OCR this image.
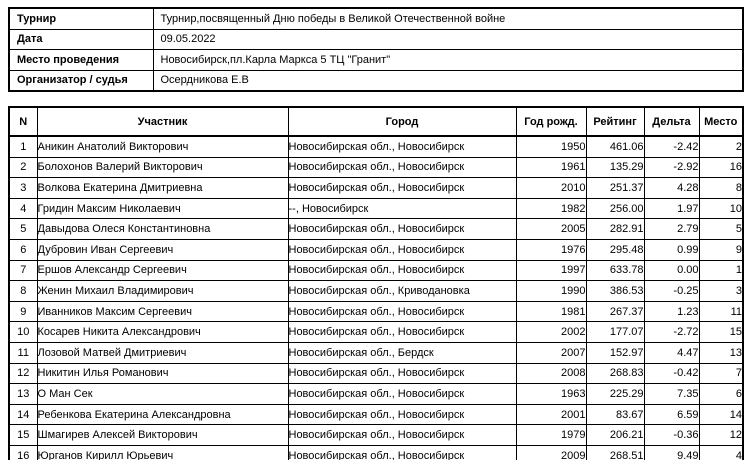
Турнир	Турнир,посвященный Дню победы в Великой Отечественной войне
Дата	09.05.2022
Место проведения	Новосибирск,пл.Карла Маркса 5 ТЦ "Гранит"
Организатор / судья	Осердникова Е.В
N	Участник	Город	Год рожд.	Рейтинг	Дельта	Место
1	Аникин Анатолий Викторович	Новосибирская обл., Новосибирск	1950	461.06	-2.42	2
2	Болохонов Валерий Викторович	Новосибирская обл., Новосибирск	1961	135.29	-2.92	16
3	Волкова Екатерина Дмитриевна	Новосибирская обл., Новосибирск	2010	251.37	4.28	8
4	Гридин Максим Николаевич	--, Новосибирск	1982	256.00	1.97	10
5	Давыдова Олеся Константиновна	Новосибирская обл., Новосибирск	2005	282.91	2.79	5
6	Дубровин Иван Сергеевич	Новосибирская обл., Новосибирск	1976	295.48	0.99	9
7	Ершов Александр Сергеевич	Новосибирская обл., Новосибирск	1997	633.78	0.00	1
8	Женин Михаил Владимирович	Новосибирская обл., Криводановка	1990	386.53	-0.25	3
9	Иванников Максим Сергеевич	Новосибирская обл., Новосибирск	1981	267.37	1.23	11
10	Косарев Никита Александрович	Новосибирская обл., Новосибирск	2002	177.07	-2.72	15
11	Лозовой Матвей Дмитриевич	Новосибирская обл., Бердск	2007	152.97	4.47	13
12	Никитин Илья Романович	Новосибирская обл., Новосибирск	2008	268.83	-0.42	7
13	О Ман Сек	Новосибирская обл., Новосибирск	1963	225.29	7.35	6
14	Ребенкова Екатерина Александровна	Новосибирская обл., Новосибирск	2001	83.67	6.59	14
15	Шмагирев Алексей Викторович	Новосибирская обл., Новосибирск	1979	206.21	-0.36	12
16	Юрганов Кирилл Юрьевич	Новосибирская обл., Новосибирск	2009	268.51	9.49	4
